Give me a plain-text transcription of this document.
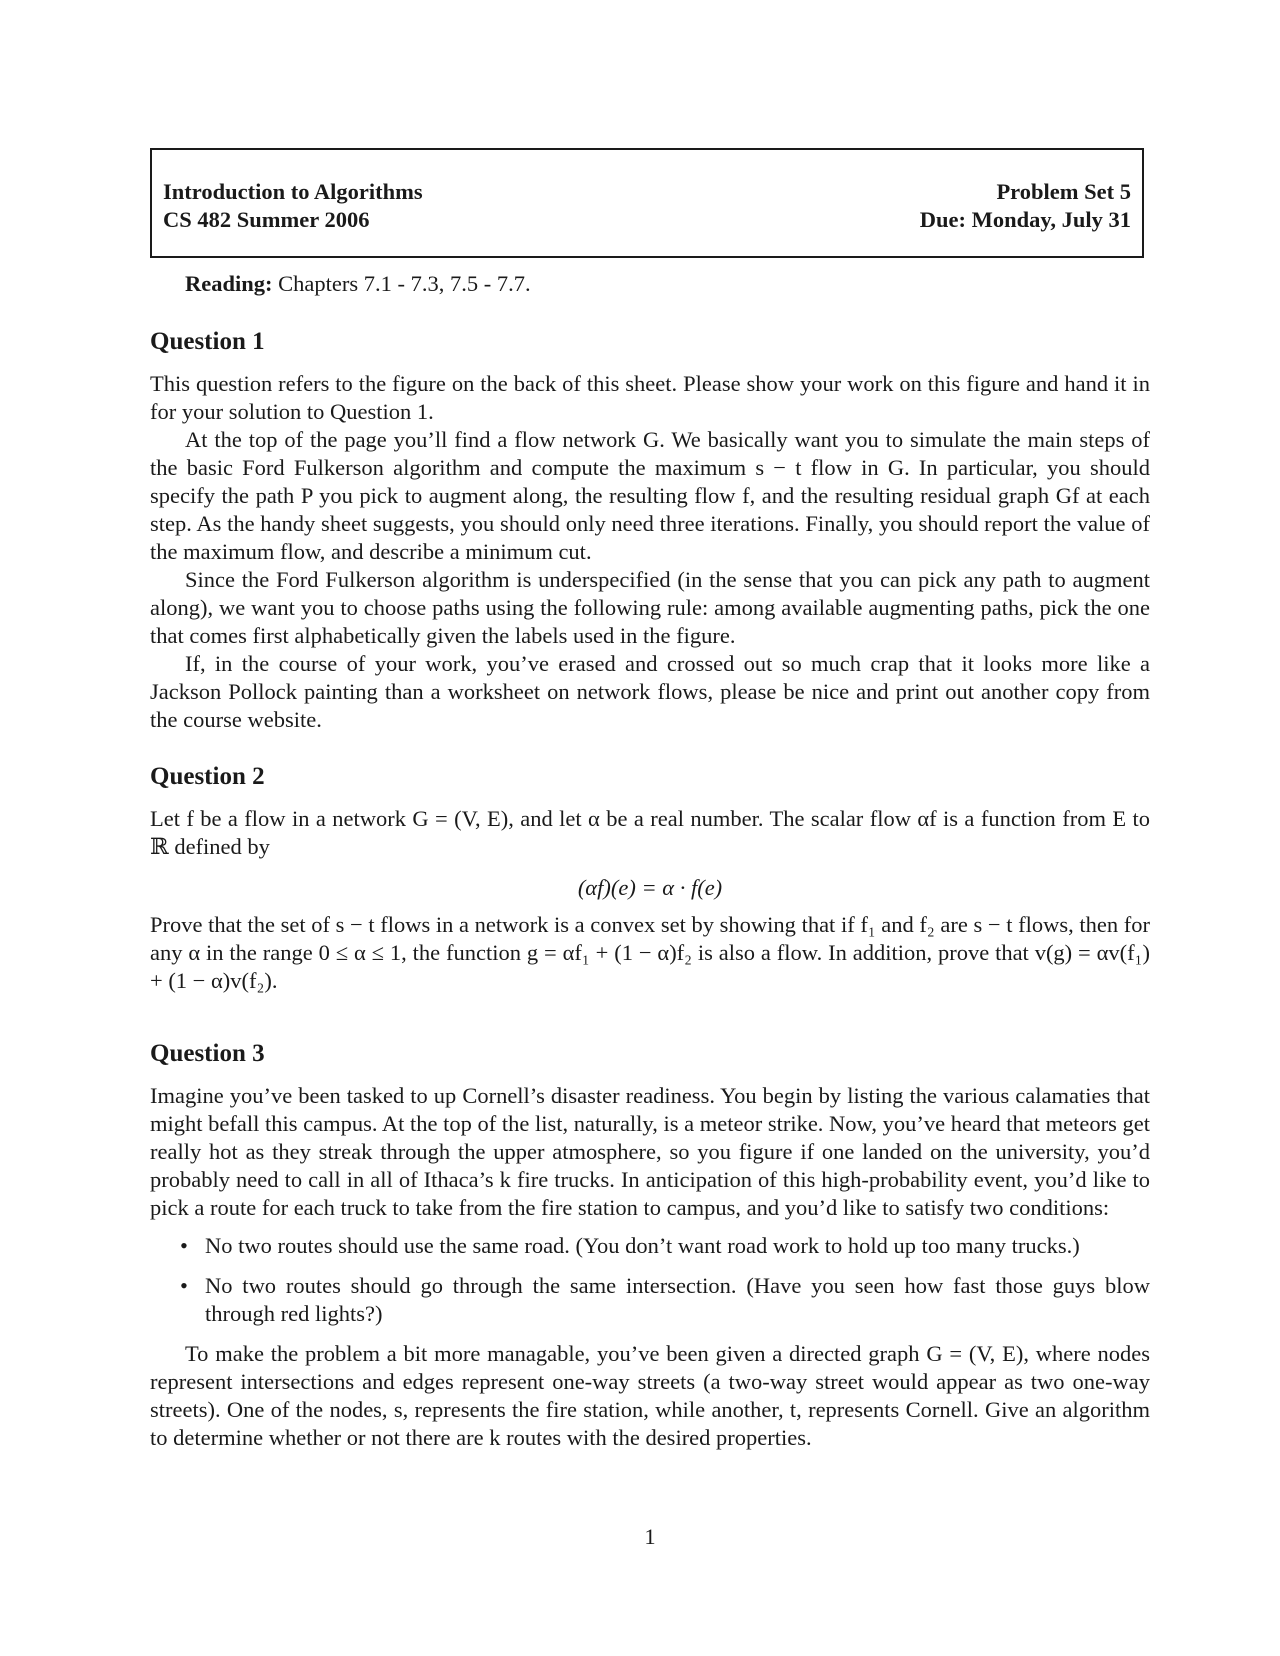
Introduction to Algorithms
CS 482 Summer 2006
Problem Set 5
Due: Monday, July 31
Reading: Chapters 7.1 - 7.3, 7.5 - 7.7.
Question 1

This question refers to the figure on the back of this sheet. Please show your work on this figure and hand it in for your solution to Question 1.

At the top of the page you’ll find a flow network G. We basically want you to simulate the main steps of the basic Ford Fulkerson algorithm and compute the maximum s − t flow in G. In particular, you should specify the path P you pick to augment along, the resulting flow f, and the resulting residual graph Gf at each step. As the handy sheet suggests, you should only need three iterations. Finally, you should report the value of the maximum flow, and describe a minimum cut.

Since the Ford Fulkerson algorithm is underspecified (in the sense that you can pick any path to augment along), we want you to choose paths using the following rule: among available augmenting paths, pick the one that comes first alphabetically given the labels used in the figure.

If, in the course of your work, you’ve erased and crossed out so much crap that it looks more like a Jackson Pollock painting than a worksheet on network flows, please be nice and print out another copy from the course website.

Question 2

Let f be a flow in a network G = (V, E), and let α be a real number. The scalar flow αf is a function from E to ℝ defined by

(αf)(e) = α · f(e)

Prove that the set of s − t flows in a network is a convex set by showing that if f₁ and f₂ are s − t flows, then for any α in the range 0 ≤ α ≤ 1, the function g = αf₁ + (1 − α)f₂ is also a flow. In addition, prove that v(g) = αv(f₁) + (1 − α)v(f₂).

Question 3

Imagine you’ve been tasked to up Cornell’s disaster readiness. You begin by listing the various calamaties that might befall this campus. At the top of the list, naturally, is a meteor strike. Now, you’ve heard that meteors get really hot as they streak through the upper atmosphere, so you figure if one landed on the university, you’d probably need to call in all of Ithaca’s k fire trucks. In anticipation of this high-probability event, you’d like to pick a route for each truck to take from the fire station to campus, and you’d like to satisfy two conditions:

• No two routes should use the same road. (You don’t want road work to hold up too many trucks.)
• No two routes should go through the same intersection. (Have you seen how fast those guys blow through red lights?)

To make the problem a bit more managable, you’ve been given a directed graph G = (V, E), where nodes represent intersections and edges represent one-way streets (a two-way street would appear as two one-way streets). One of the nodes, s, represents the fire station, while another, t, represents Cornell. Give an algorithm to determine whether or not there are k routes with the desired properties.

1
